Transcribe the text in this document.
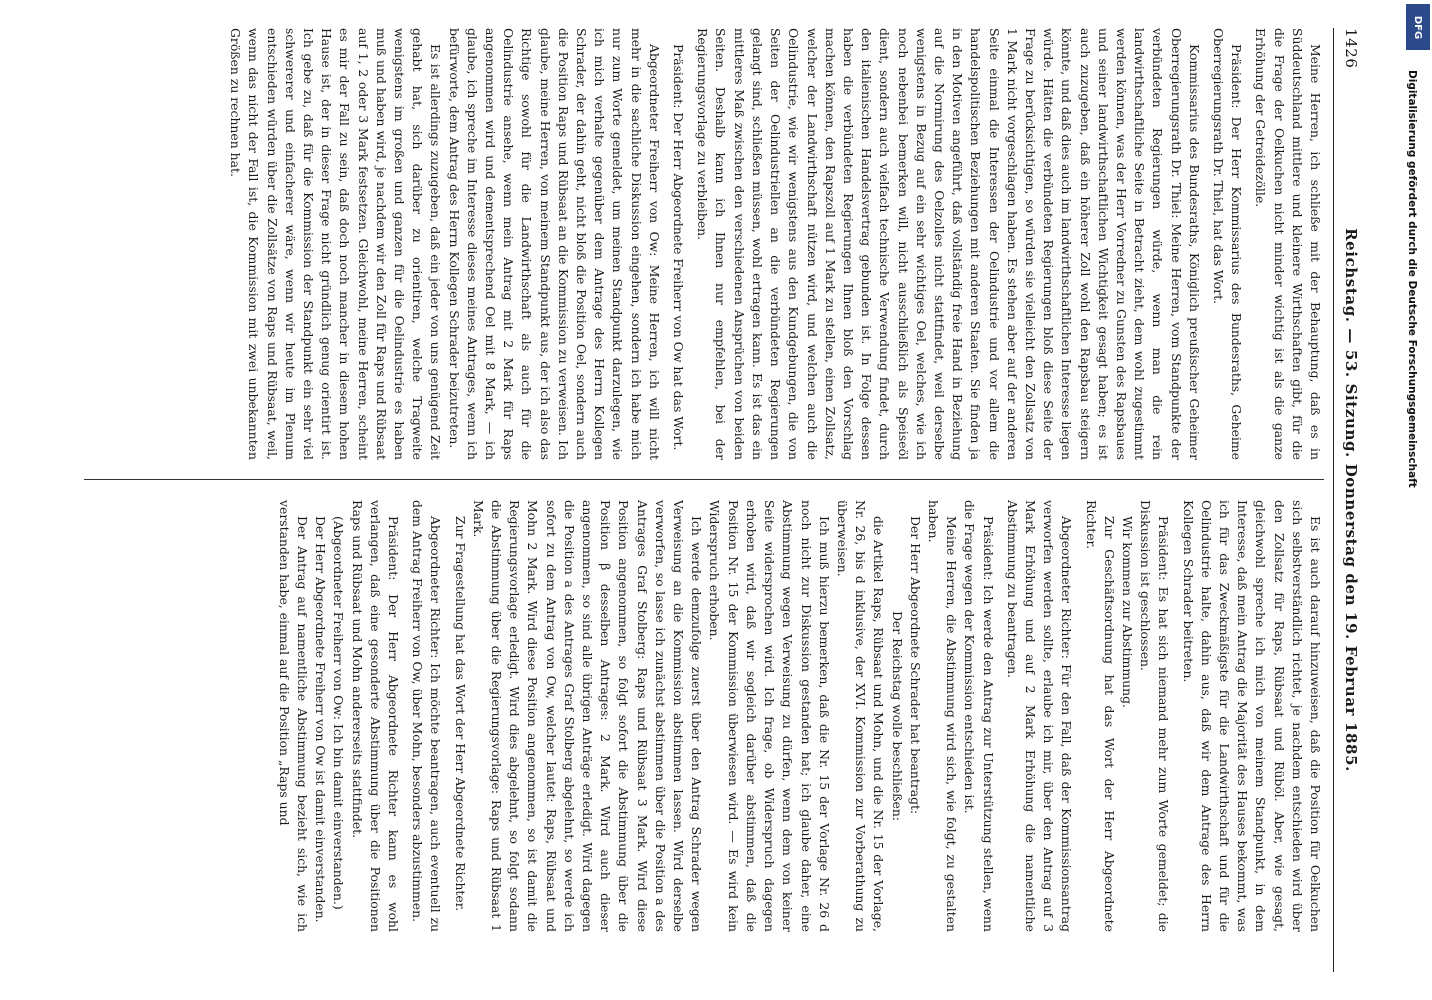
1426
Reichstag. — 53. Sitzung. Donnerstag den 19. Februar 1885.

Meine Herren, ich schließe mit der Behauptung, daß es in Süddeutschland mittlere und kleinere Wirthschaften gibt, für die die Frage der Oelkuchen nicht minder wichtig ist als die ganze Erhöhung der Getreidezölle.

Präsident: Der Herr Kommissarius des Bundesraths, Geheime Oberregierungsrath Dr. Thiel, hat das Wort.

Kommissarius des Bundesraths, Königlich preußischer Geheimer Oberregierungsrath Dr. Thiel: Meine Herren, vom Standpunkte der verbündeten Regierungen würde, wenn man die rein landwirthschaftliche Seite in Betracht zieht, dem wohl zugestimmt werden können, was der Herr Vorredner zu Gunsten des Rapsbaues und seiner landwirthschaftlichen Wichtigkeit gesagt haben; es ist auch zuzugeben, daß ein höherer Zoll wohl den Rapsbau steigern könnte, und daß dies auch im landwirthschaftlichen Interesse liegen würde. Hätten die verbündeten Regierungen bloß diese Seite der Frage zu berücksichtigen, so würden sie vielleicht den Zollsatz von 1 Mark nicht vorgeschlagen haben. Es stehen aber auf der anderen Seite einmal die Interessen der Oelindustrie und vor allem die handelspolitischen Beziehungen mit anderen Staaten. Sie finden ja in den Motiven angeführt, daß vollständig freie Hand in Beziehung auf die Normirung des Oelzolles nicht stattfindet, weil derselbe wenigstens in Bezug auf ein sehr wichtiges Oel, welches, wie ich noch nebenbei bemerken will, nicht ausschließlich als Speiseöl dient, sondern auch vielfach technische Verwendung findet, durch den italienischen Handelsvertrag gebunden ist. In Folge dessen haben die verbündeten Regierungen Ihnen bloß den Vorschlag machen können, den Rapszoll auf 1 Mark zu stellen, einen Zollsatz, welcher der Landwirthschaft nützen wird, und welchen auch die Oelindustrie, wie wir wenigstens aus den Kundgebungen, die von Seiten der Oelindustriellen an die verbündeten Regierungen gelangt sind, schließen müssen, wohl ertragen kann. Es ist das ein mittleres Maß zwischen den verschiedenen Ansprüchen von beiden Seiten. Deshalb kann ich Ihnen nur empfehlen, bei der Regierungsvorlage zu verbleiben.

Präsident: Der Herr Abgeordnete Freiherr von Ow hat das Wort.

Abgeordneter Freiherr von Ow: Meine Herren, ich will nicht mehr in die sachliche Diskussion eingehen, sondern ich habe mich nur zum Worte gemeldet, um meinen Standpunkt darzulegen, wie ich mich verhalte gegenüber dem Antrage des Herrn Kollegen Schrader, der dahin geht, nicht bloß die Position Oel, sondern auch die Position Raps und Rübsaat an die Kommission zu verweisen. Ich glaube, meine Herren, von meinem Standpunkt aus, der ich also das Richtige sowohl für die Landwirthschaft als auch für die Oelindustrie ansehe, wenn mein Antrag mit 2 Mark für Raps angenommen wird und dementsprechend Oel mit 8 Mark, — ich glaube, ich spreche im Interesse dieses meines Antrages, wenn ich befürworte, dem Antrag des Herrn Kollegen Schrader beizutreten.

Es ist allerdings zuzugeben, daß ein jeder von uns genügend Zeit gehabt hat, sich darüber zu orientiren, welche Tragweite wenigstens im großen und ganzen für die Oelindustrie es haben muß und haben wird, je nachdem wir den Zoll für Raps und Rübsaat auf 1, 2 oder 3 Mark festsetzen. Gleichwohl, meine Herren, scheint es mir der Fall zu sein, daß doch noch mancher in diesem hohen Hause ist, der in dieser Frage nicht gründlich genug orientirt ist. Ich gebe zu, daß für die Kommission der Standpunkt ein sehr viel schwererer und einfacherer wäre, wenn wir heute im Plenum entschieden würden über die Zollsätze von Raps und Rübsaat, weil, wenn das nicht der Fall ist, die Kommission mit zwei unbekannten Größen zu rechnen hat.

Es ist auch darauf hinzuweisen, daß die Position für Oelkuchen sich selbstverständlich richtet, je nachdem entschieden wird über den Zollsatz für Raps, Rübsaat und Rüböl. Aber, wie gesagt, gleichwohl spreche ich mich von meinem Standpunkt, in dem Interesse, daß mein Antrag die Majorität des Hauses bekommt, was ich für das Zweckmäßigste für die Landwirthschaft und für die Oelindustrie halte, dahin aus, daß wir dem Antrage des Herrn Kollegen Schrader beitreten.

Präsident: Es hat sich niemand mehr zum Worte gemeldet; die Diskussion ist geschlossen.

Wir kommen zur Abstimmung.

Zur Geschäftsordnung hat das Wort der Herr Abgeordnete Richter.

Abgeordneter Richter: Für den Fall, daß der Kommissionsantrag verworfen werden sollte, erlaube ich mir, über den Antrag auf 3 Mark Erhöhung und auf 2 Mark Erhöhung die namentliche Abstimmung zu beantragen.

Präsident: Ich werde den Antrag zur Unterstützung stellen, wenn die Frage wegen der Kommission entschieden ist.

Meine Herren, die Abstimmung wird sich, wie folgt, zu gestalten haben.

Der Herr Abgeordnete Schrader hat beantragt:

Der Reichstag wolle beschließen:

die Artikel Raps, Rübsaat und Mohn, und die Nr. 15 der Vorlage, Nr. 26, bis d inklusive, der XVI. Kommission zur Vorberathung zu überweisen.

Ich muß hierzu bemerken, daß die Nr. 15 der Vorlage Nr. 26 d noch nicht zur Diskussion gestanden hat; ich glaube daher, eine Abstimmung wegen Verweisung zu dürfen, wenn dem von keiner Seite widersprochen wird. Ich frage, ob Widerspruch dagegen erhoben wird, daß wir sogleich darüber abstimmen, daß die Position Nr. 15 der Kommission überwiesen wird. — Es wird kein Widerspruch erhoben.

Ich werde demzufolge zuerst über den Antrag Schrader wegen Verweisung an die Kommission abstimmen lassen. Wird derselbe verworfen, so lasse ich zunächst abstimmen über die Position a des Antrages Graf Stolberg: Raps und Rübsaat 3 Mark. Wird diese Position angenommen, so folgt sofort die Abstimmung über die Position β desselben Antrages: 2 Mark. Wird auch dieser angenommen, so sind alle übrigen Anträge erledigt. Wird dagegen die Position a des Antrages Graf Stolberg abgelehnt, so werde ich sofort zu dem Antrag von Ow, welcher lautet: Raps, Rübsaat und Mohn 2 Mark. Wird diese Position angenommen, so ist damit die Regierungsvorlage erledigt. Wird dies abgelehnt, so folgt sodann die Abstimmung über die Regierungsvorlage: Raps und Rübsaat 1 Mark.

Zur Fragestellung hat das Wort der Herr Abgeordnete Richter.

Abgeordneter Richter: Ich möchte beantragen, auch eventuell zu dem Antrag Freiherr von Ow, über Mohn, besonders abzustimmen.

Präsident: Der Herr Abgeordnete Richter kann es wohl verlangen, daß eine gesonderte Abstimmung über die Positionen Raps und Rübsaat und Mohn andererseits stattfindet.

(Abgeordneter Freiherr von Ow: Ich bin damit einverstanden.)

Der Herr Abgeordnete Freiherr von Ow ist damit einverstanden.

Der Antrag auf namentliche Abstimmung bezieht sich, wie ich verstanden habe, einmal auf die Position „Raps und

DFG
Digitalisierung gefördert durch die Deutsche Forschungsgemeinschaft
